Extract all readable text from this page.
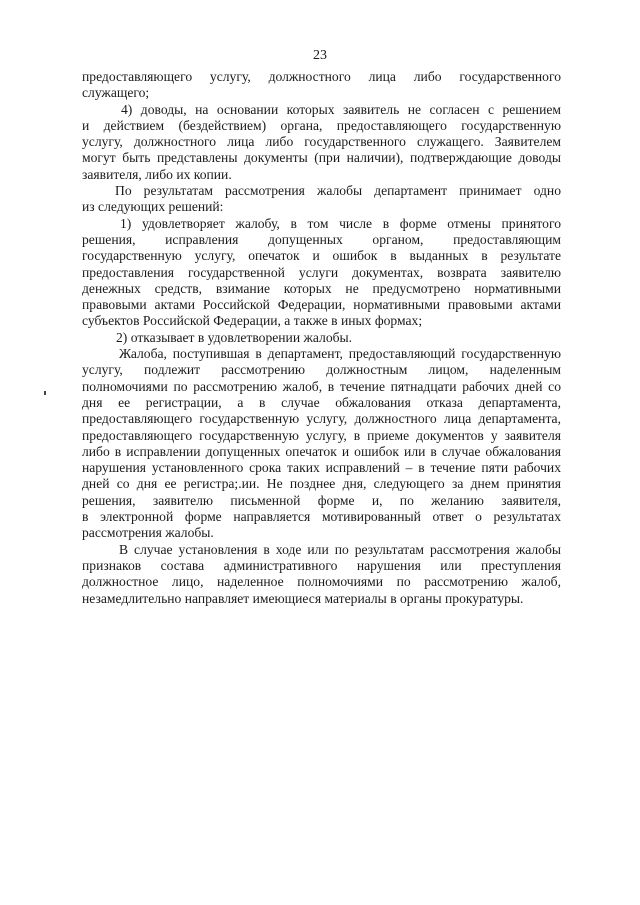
23
предоставляющего услугу, должностного лица либо государственного
служащего;
4) доводы, на основании которых заявитель не согласен с решением
и действием (бездействием) органа, предоставляющего государственную
услугу, должностного лица либо государственного служащего. Заявителем
могут быть представлены документы (при наличии), подтверждающие доводы
заявителя, либо их копии.
По результатам рассмотрения жалобы департамент принимает одно
из следующих решений:
1) удовлетворяет жалобу, в том числе в форме отмены принятого
решения, исправления допущенных органом, предоставляющим
государственную услугу, опечаток и ошибок в выданных в результате
предоставления государственной услуги документах, возврата заявителю
денежных средств, взимание которых не предусмотрено нормативными
правовыми актами Российской Федерации, нормативными правовыми актами
субъектов Российской Федерации, а также в иных формах;
2) отказывает в удовлетворении жалобы.
Жалоба, поступившая в департамент, предоставляющий государственную
услугу, подлежит рассмотрению должностным лицом, наделенным
полномочиями по рассмотрению жалоб, в течение пятнадцати рабочих дней со
дня ее регистрации, а в случае обжалования отказа департамента,
предоставляющего государственную услугу, должностного лица департамента,
предоставляющего государственную услугу, в приеме документов у заявителя
либо в исправлении допущенных опечаток и ошибок или в случае обжалования
нарушения установленного срока таких исправлений – в течение пяти рабочих
дней со дня ее регистра;.ии. Не позднее дня, следующего за днем принятия
решения, заявителю письменной форме и, по желанию заявителя,
в электронной форме направляется мотивированный ответ о результатах
рассмотрения жалобы.
В случае установления в ходе или по результатам рассмотрения жалобы
признаков состава административного нарушения или преступления
должностное лицо, наделенное полномочиями по рассмотрению жалоб,
незамедлительно направляет имеющиеся материалы в органы прокуратуры.
